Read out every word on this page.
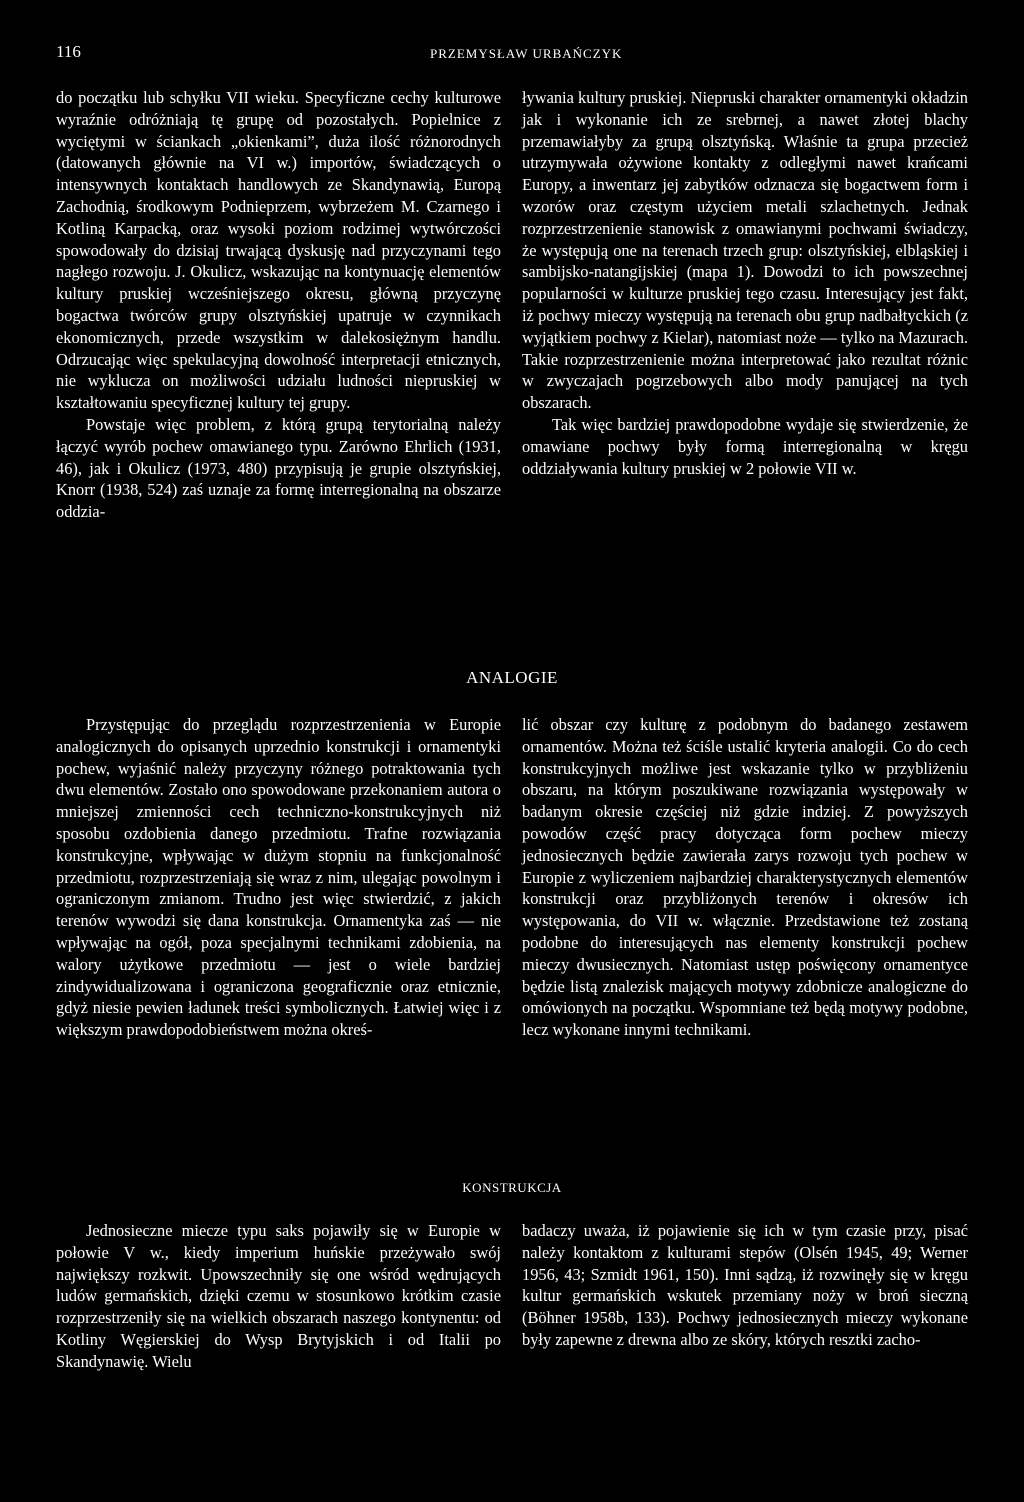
116	PRZEMYSŁAW URBAŃCZYK

do początku lub schyłku VII wieku. Specyficzne cechy kulturowe wyraźnie odróżniają tę grupę od pozostałych. Popielnice z wyciętymi w ściankach „okienkami”, duża ilość różnorodnych (datowanych głównie na VI w.) importów, świadczących o intensywnych kontaktach handlowych ze Skandynawią, Europą Zachodnią, środkowym Podnieprzem, wybrzeżem M. Czarnego i Kotliną Karpacką, oraz wysoki poziom rodzimej wytwórczości spowodowały do dzisiaj trwającą dyskusję nad przyczynami tego nagłego rozwoju. J. Okulicz, wskazując na kontynuację elementów kultury pruskiej wcześniejszego okresu, główną przyczynę bogactwa twórców grupy olsztyńskiej upatruje w czynnikach ekonomicznych, przede wszystkim w dalekosiężnym handlu. Odrzucając więc spekulacyjną dowolność interpretacji etnicznych, nie wyklucza on możliwości udziału ludności niepruskiej w kształtowaniu specyficznej kultury tej grupy.

Powstaje więc problem, z którą grupą terytorialną należy łączyć wyrób pochew omawianego typu. Zarówno Ehrlich (1931, 46), jak i Okulicz (1973, 480) przypisują je grupie olsztyńskiej, Knorr (1938, 524) zaś uznaje za formę interregionalną na obszarze oddzia-

ływania kultury pruskiej. Niepruski charakter ornamentyki okładzin jak i wykonanie ich ze srebrnej, a nawet złotej blachy przemawiałyby za grupą olsztyńską. Właśnie ta grupa przecież utrzymywała ożywione kontakty z odległymi nawet krańcami Europy, a inwentarz jej zabytków odznacza się bogactwem form i wzorów oraz częstym użyciem metali szlachetnych. Jednak rozprzestrzenienie stanowisk z omawianymi pochwami świadczy, że występują one na terenach trzech grup: olsztyńskiej, elbląskiej i sambijsko-natangijskiej (mapa 1). Dowodzi to ich powszechnej popularności w kulturze pruskiej tego czasu. Interesujący jest fakt, iż pochwy mieczy występują na terenach obu grup nadbałtyckich (z wyjątkiem pochwy z Kielar), natomiast noże — tylko na Mazurach. Takie rozprzestrzenienie można interpretować jako rezultat różnic w zwyczajach pogrzebowych albo mody panującej na tych obszarach.

Tak więc bardziej prawdopodobne wydaje się stwierdzenie, że omawiane pochwy były formą interregionalną w kręgu oddziaływania kultury pruskiej w 2 połowie VII w.

ANALOGIE

Przystępując do przeglądu rozprzestrzenienia w Europie analogicznych do opisanych uprzednio konstrukcji i ornamentyki pochew, wyjaśnić należy przyczyny różnego potraktowania tych dwu elementów. Zostało ono spowodowane przekonaniem autora o mniejszej zmienności cech techniczno-konstrukcyjnych niż sposobu ozdobienia danego przedmiotu. Trafne rozwiązania konstrukcyjne, wpływając w dużym stopniu na funkcjonalność przedmiotu, rozprzestrzeniają się wraz z nim, ulegając powolnym i ograniczonym zmianom. Trudno jest więc stwierdzić, z jakich terenów wywodzi się dana konstrukcja. Ornamentyka zaś — nie wpływając na ogół, poza specjalnymi technikami zdobienia, na walory użytkowe przedmiotu — jest o wiele bardziej zindywidualizowana i ograniczona geograficznie oraz etnicznie, gdyż niesie pewien ładunek treści symbolicznych. Łatwiej więc i z większym prawdopodobieństwem można okreś-

lić obszar czy kulturę z podobnym do badanego zestawem ornamentów. Można też ściśle ustalić kryteria analogii. Co do cech konstrukcyjnych możliwe jest wskazanie tylko w przybliżeniu obszaru, na którym poszukiwane rozwiązania występowały w badanym okresie częściej niż gdzie indziej. Z powyższych powodów część pracy dotycząca form pochew mieczy jednosiecznych będzie zawierała zarys rozwoju tych pochew w Europie z wyliczeniem najbardziej charakterystycznych elementów konstrukcji oraz przybliżonych terenów i okresów ich występowania, do VII w. włącznie. Przedstawione też zostaną podobne do interesujących nas elementy konstrukcji pochew mieczy dwusiecznych. Natomiast ustęp poświęcony ornamentyce będzie listą znalezisk mających motywy zdobnicze analogiczne do omówionych na początku. Wspomniane też będą motywy podobne, lecz wykonane innymi technikami.

KONSTRUKCJA

Jednosieczne miecze typu saks pojawiły się w Europie w połowie V w., kiedy imperium huńskie przeżywało swój największy rozkwit. Upowszechniły się one wśród wędrujących ludów germańskich, dzięki czemu w stosunkowo krótkim czasie rozprzestrzeniły się na wielkich obszarach naszego kontynentu: od Kotliny Węgierskiej do Wysp Brytyjskich i od Italii po Skandynawię. Wielu

badaczy uważa, iż pojawienie się ich w tym czasie przy, pisać należy kontaktom z kulturami stepów (Olsén 1945, 49; Werner 1956, 43; Szmidt 1961, 150). Inni sądzą, iż rozwinęły się w kręgu kultur germańskich wskutek przemiany noży w broń sieczną (Böhner 1958b, 133). Pochwy jednosiecznych mieczy wykonane były zapewne z drewna albo ze skóry, których resztki zacho-
